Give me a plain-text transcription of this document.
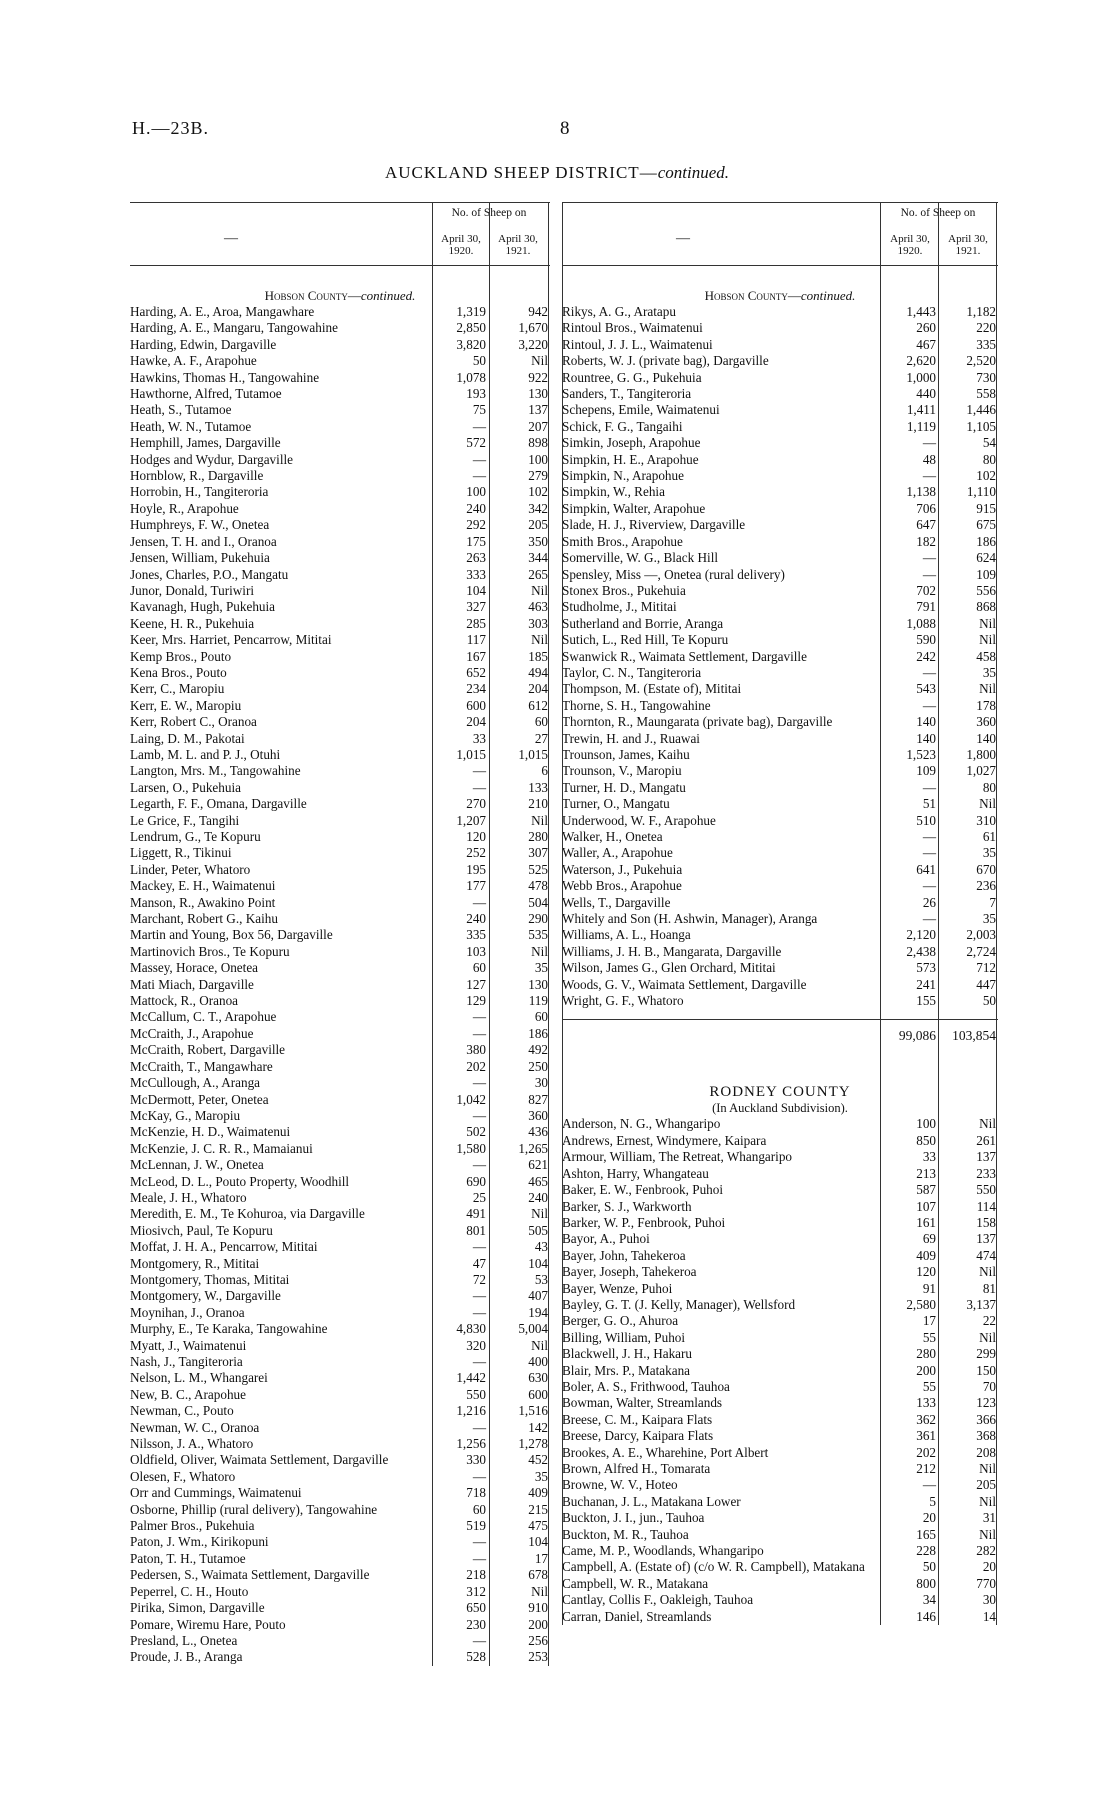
H.—23B.	8
AUCKLAND SHEEP DISTRICT—continued.
—
No. of Sheep on
April 30, 1920.
April 30, 1921.
Hobson County—continued.
Harding, A. E., Aroa, Mangawhare	1,319	942
Harding, A. E., Mangaru, Tangowahine	2,850 1,670
Harding, Edwin, Dargaville	3,820 3,220
Hawke, A. F., Arapohue	50	Nil
Hawkins, Thomas H., Tangowahine	1,078	922
Hawthorne, Alfred, Tutamoe	193	130
Heath, S., Tutamoe	75	137
Heath, W. N., Tutamoe	—	207
Hemphill, James, Dargaville	572	898
Hodges and Wydur, Dargaville	—	100
Hornblow, R., Dargaville	—	279
Horrobin, H., Tangiteroria	100	102
Hoyle, R., Arapohue	240	342
Humphreys, F. W., Onetea	292	205
Jensen, T. H. and I., Oranoa	175	350
Jensen, William, Pukehuia	263	344
Jones, Charles, P.O., Mangatu	333	265
Junor, Donald, Turiwiri	104	Nil
Kavanagh, Hugh, Pukehuia	327	463
Keene, H. R., Pukehuia	285	303
Keer, Mrs. Harriet, Pencarrow, Mititai	117	Nil
Kemp Bros., Pouto	167	185
Kena Bros., Pouto	652	494
Kerr, C., Maropiu	234	204
Kerr, E. W., Maropiu	600	612
Kerr, Robert C., Oranoa	204	60
Laing, D. M., Pakotai	33	27
Lamb, M. L. and P. J., Otuhi	1,015 1,015
Langton, Mrs. M., Tangowahine	—	6
Larsen, O., Pukehuia	—	133
Legarth, F. F., Omana, Dargaville	270	210
Le Grice, F., Tangihi	1,207	Nil
Lendrum, G., Te Kopuru	120	280
Liggett, R., Tikinui	252	307
Linder, Peter, Whatoro	195	525
Mackey, E. H., Waimatenui	177	478
Manson, R., Awakino Point	—	504
Marchant, Robert G., Kaihu	240	290
Martin and Young, Box 56, Dargaville	335	535
Martinovich Bros., Te Kopuru	103	Nil
Massey, Horace, Onetea	60	35
Mati Miach, Dargaville	127	130
Mattock, R., Oranoa	129	119
McCallum, C. T., Arapohue	—	60
McCraith, J., Arapohue	—	186
McCraith, Robert, Dargaville	380	492
McCraith, T., Mangawhare	202	250
McCullough, A., Aranga	—	30
McDermott, Peter, Onetea	1,042	827
McKay, G., Maropiu	—	360
McKenzie, H. D., Waimatenui	502	436
McKenzie, J. C. R. R., Mamaianui	1,580 1,265
McLennan, J. W., Onetea	—	621
McLeod, D. L., Pouto Property, Woodhill	690	465
Meale, J. H., Whatoro	25	240
Meredith, E. M., Te Kohuroa, via Dargaville	491	Nil
Miosivch, Paul, Te Kopuru	801	505
Moffat, J. H. A., Pencarrow, Mititai	—	43
Montgomery, R., Mititai	47	104
Montgomery, Thomas, Mititai	72	53
Montgomery, W., Dargaville	—	407
Moynihan, J., Oranoa	—	194
Murphy, E., Te Karaka, Tangowahine	4,830 5,004
Myatt, J., Waimatenui	320	Nil
Nash, J., Tangiteroria	—	400
Nelson, L. M., Whangarei	1,442	630
New, B. C., Arapohue	550	600
Newman, C., Pouto	1,216 1,516
Newman, W. C., Oranoa	—	142
Nilsson, J. A., Whatoro	1,256 1,278
Oldfield, Oliver, Waimata Settlement, Dargaville	330	452
Olesen, F., Whatoro	—	35
Orr and Cummings, Waimatenui	718	409
Osborne, Phillip (rural delivery), Tangowahine	60	215
Palmer Bros., Pukehuia	519	475
Paton, J. Wm., Kirikopuni	—	104
Paton, T. H., Tutamoe	—	17
Pedersen, S., Waimata Settlement, Dargaville	218	678
Peperrel, C. H., Houto	312	Nil
Pirika, Simon, Dargaville	650	910
Pomare, Wiremu Hare, Pouto	230	200
Presland, L., Onetea	—	256
Proude, J. B., Aranga	528	253
—
No. of Sheep on
April 30, 1920.
April 30, 1921.
Hobson County—continued.
Rikys, A. G., Aratapu	1,443 1,182
Rintoul Bros., Waimatenui	260	220
Rintoul, J. J. L., Waimatenui	467	335
Roberts, W. J. (private bag), Dargaville	2,620 2,520
Rountree, G. G., Pukehuia	1,000	730
Sanders, T., Tangiteroria	440	558
Schepens, Emile, Waimatenui	1,411 1,446
Schick, F. G., Tangaihi	1,119 1,105
Simkin, Joseph, Arapohue	—	54
Simpkin, H. E., Arapohue	48	80
Simpkin, N., Arapohue	—	102
Simpkin, W., Rehia	1,138 1,110
Simpkin, Walter, Arapohue	706	915
Slade, H. J., Riverview, Dargaville	647	675
Smith Bros., Arapohue	182	186
Somerville, W. G., Black Hill	—	624
Spensley, Miss —, Onetea (rural delivery)	—	109
Stonex Bros., Pukehuia	702	556
Studholme, J., Mititai	791	868
Sutherland and Borrie, Aranga	1,088	Nil
Sutich, L., Red Hill, Te Kopuru	590	Nil
Swanwick R., Waimata Settlement, Dargaville	242	458
Taylor, C. N., Tangiteroria	—	35
Thompson, M. (Estate of), Mititai	543	Nil
Thorne, S. H., Tangowahine	—	178
Thornton, R., Maungarata (private bag), Dargaville	140	360
Trewin, H. and J., Ruawai	140	140
Trounson, James, Kaihu	1,523 1,800
Trounson, V., Maropiu	109 1,027
Turner, H. D., Mangatu	—	80
Turner, O., Mangatu	51	Nil
Underwood, W. F., Arapohue	510	310
Walker, H., Onetea	—	61
Waller, A., Arapohue	—	35
Waterson, J., Pukehuia	641	670
Webb Bros., Arapohue	—	236
Wells, T., Dargaville	26	7
Whitely and Son (H. Ashwin, Manager), Aranga	—	35
Williams, A. L., Hoanga	2,120 2,003
Williams, J. H. B., Mangarata, Dargaville	2,438 2,724
Wilson, James G., Glen Orchard, Mititai	573	712
Woods, G. V., Waimata Settlement, Dargaville	241	447
Wright, G. F., Whatoro	155	50
99,086 103,854
RODNEY COUNTY
(In Auckland Subdivision).
Anderson, N. G., Whangaripo	100	Nil
Andrews, Ernest, Windymere, Kaipara	850	261
Armour, William, The Retreat, Whangaripo	33	137
Ashton, Harry, Whangateau	213	233
Baker, E. W., Fenbrook, Puhoi	587	550
Barker, S. J., Warkworth	107	114
Barker, W. P., Fenbrook, Puhoi	161	158
Bayor, A., Puhoi	69	137
Bayer, John, Tahekeroa	409	474
Bayer, Joseph, Tahekeroa	120	Nil
Bayer, Wenze, Puhoi	91	81
Bayley, G. T. (J. Kelly, Manager), Wellsford	2,580 3,137
Berger, G. O., Ahuroa	17	22
Billing, William, Puhoi	55	Nil
Blackwell, J. H., Hakaru	280	299
Blair, Mrs. P., Matakana	200	150
Boler, A. S., Frithwood, Tauhoa	55	70
Bowman, Walter, Streamlands	133	123
Breese, C. M., Kaipara Flats	362	366
Breese, Darcy, Kaipara Flats	361	368
Brookes, A. E., Wharehine, Port Albert	202	208
Brown, Alfred H., Tomarata	212	Nil
Browne, W. V., Hoteo	—	205
Buchanan, J. L., Matakana Lower	5	Nil
Buckton, J. I., jun., Tauhoa	20	31
Buckton, M. R., Tauhoa	165	Nil
Came, M. P., Woodlands, Whangaripo	228	282
Campbell, A. (Estate of) (c/o W. R. Campbell), Matakana	50	20
Campbell, W. R., Matakana	800	770
Cantlay, Collis F., Oakleigh, Tauhoa	34	30
Carran, Daniel, Streamlands	146	14
